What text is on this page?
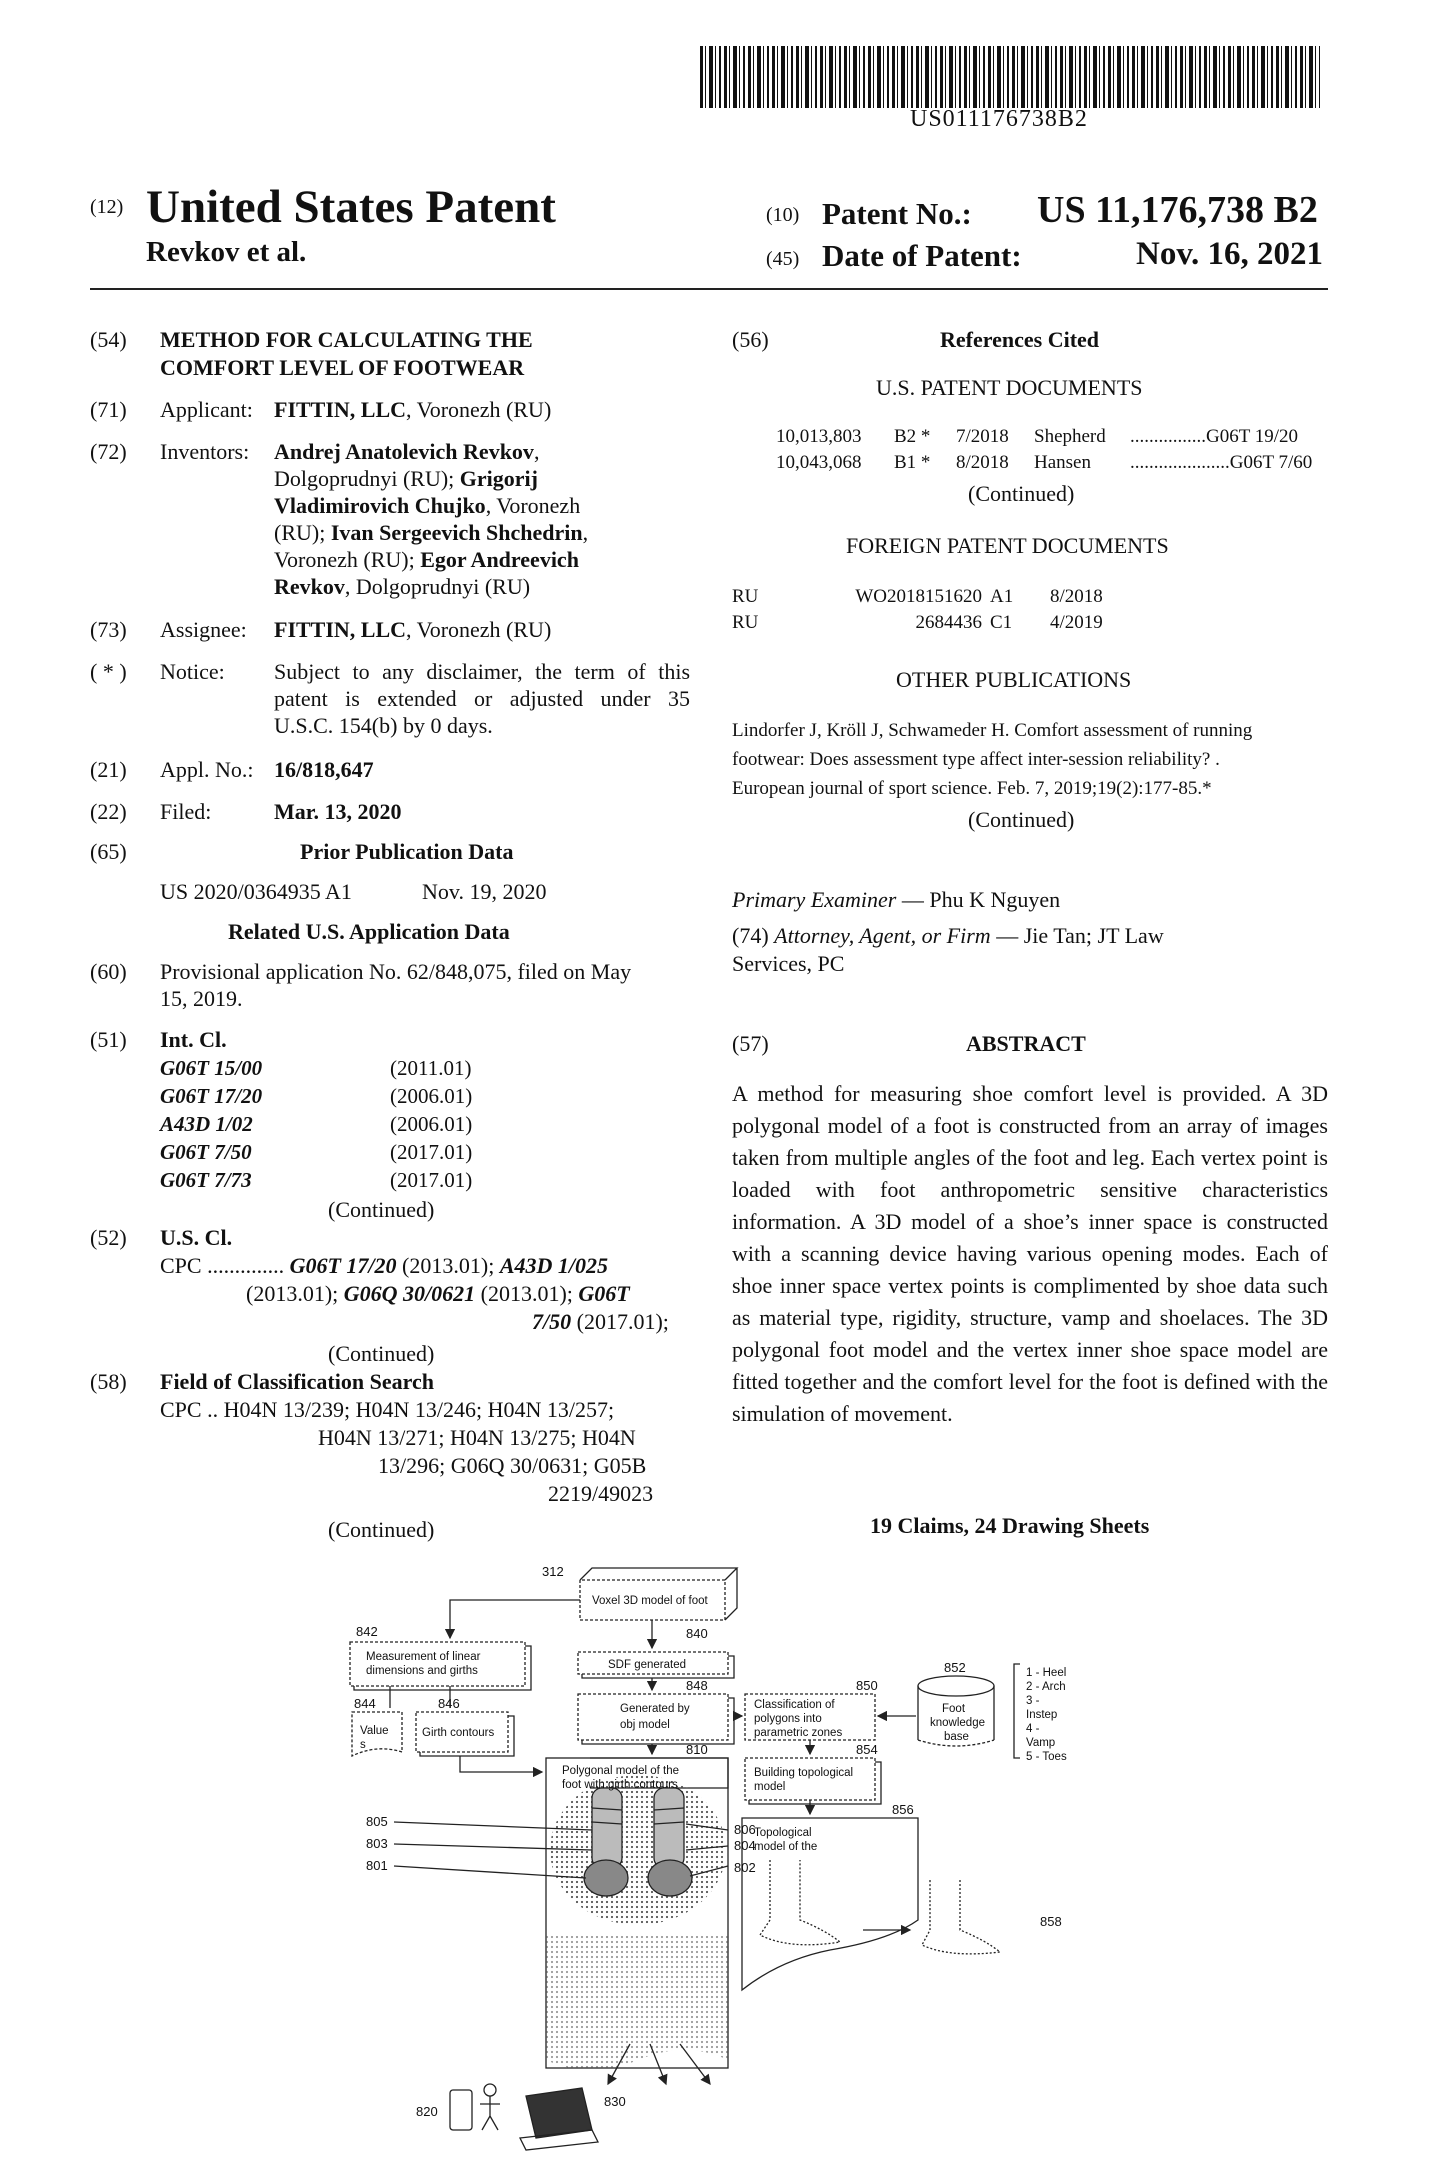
US011176738B2
(12) United States Patent
Revkov et al.
(10) Patent No.: US 11,176,738 B2
(45) Date of Patent:	Nov. 16, 2021
(54) METHOD FOR CALCULATING THE
COMFORT LEVEL OF FOOTWEAR
(71) Applicant: FITTIN, LLC, Voronezh (RU)
(72) Inventors: Andrej Anatolevich Revkov,
Dolgoprudnyi (RU); Grigorij
Vladimirovich Chujko, Voronezh
(RU); Ivan Sergeevich Shchedrin,
Voronezh (RU); Egor Andreevich
Revkov, Dolgoprudnyi (RU)
(73) Assignee: FITTIN, LLC, Voronezh (RU)
( * ) Notice: Subject to any disclaimer, the term of this
patent is extended or adjusted under 35
U.S.C. 154(b) by 0 days.
(21) Appl. No.: 16/818,647
(22) Filed:	Mar. 13, 2020
(65)	Prior Publication Data
US 2020/0364935 A1	Nov. 19, 2020
Related U.S. Application Data
(60) Provisional application No. 62/848,075, filed on May
15, 2019.
(51) Int. Cl.
G06T 15/00	(2011.01)
G06T 17/20	(2006.01)
A43D 1/02	(2006.01)
G06T 7/50	(2017.01)
G06T 7/73	(2017.01)
(Continued)
(52) U.S. Cl.
CPC .............. G06T 17/20 (2013.01); A43D 1/025
(2013.01); G06Q 30/0621 (2013.01); G06T
7/50 (2017.01);
(Continued)
(58) Field of Classification Search
CPC .. H04N 13/239; H04N 13/246; H04N 13/257;
H04N 13/271; H04N 13/275; H04N
13/296; G06Q 30/0631; G05B
2219/49023
(Continued)
(56)	References Cited
U.S. PATENT DOCUMENTS
10,013,803	B2 *	7/2018	Shepherd	................ G06T 19/20
10,043,068	B1 *	8/2018	Hansen	..................... G06T 7/60
(Continued)
FOREIGN PATENT DOCUMENTS
RU	WO2018151620 A1	8/2018
RU	2684436 C1	4/2019
OTHER PUBLICATIONS
Lindorfer J, Kröll J, Schwameder H. Comfort assessment of running
footwear: Does assessment type affect inter-session reliability? .
European journal of sport science. Feb. 7, 2019;19(2):177-85.*
(Continued)
Primary Examiner — Phu K Nguyen
(74) Attorney, Agent, or Firm — Jie Tan; JT Law
Services, PC
(57)	ABSTRACT
A method for measuring shoe comfort level is provided. A 3D polygonal model of a foot is constructed from an array of images taken from multiple angles of the foot and leg. Each vertex point is loaded with foot anthropometric sensitive characteristics information. A 3D model of a shoe’s inner space is constructed with a scanning device having various opening modes. Each of shoe inner space vertex points is complimented by shoe data such as material type, rigidity, structure, vamp and shoelaces. The 3D polygonal foot model and the vertex inner shoe space model are fitted together and the comfort level for the foot is defined with the simulation of movement.
19 Claims, 24 Drawing Sheets
Voxel 3D model of foot
Measurement of linear
dimensions and girths	SDF generated
Generated by
obj model
Classification of
polygons into
parametric zones
Foot
knowledge
base
1 - Heel
2 - Arch
3 -
Instep
4 -
Vamp
5 - Toes
Value
s
Girth contours
Polygonal model of the
foot with girth contours
Building topological
model
Topological
model of the
312
840
842
848	850
852
844	846
810	854
856
805
803
801
806
804
802
858
820
830
